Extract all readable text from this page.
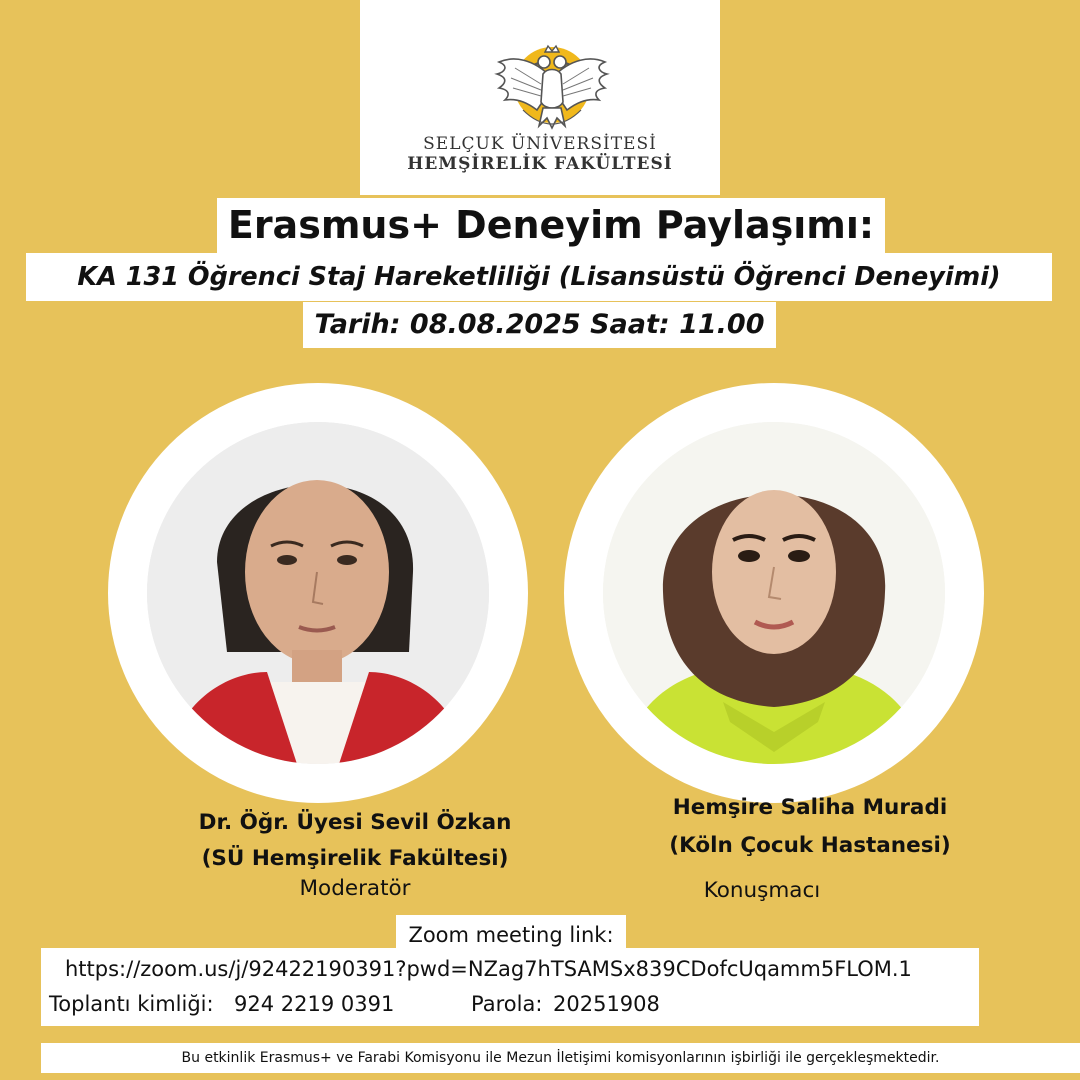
SELÇUK ÜNİVERSİTESİ
HEMŞİRELİK FAKÜLTESİ
Erasmus+ Deneyim Paylaşımı:
KA 131 Öğrenci Staj Hareketliliği (Lisansüstü Öğrenci Deneyimi)
Tarih: 08.08.2025 Saat: 11.00
Dr. Öğr. Üyesi Sevil Özkan
(SÜ Hemşirelik Fakültesi)
Moderatör
Hemşire Saliha Muradi
(Köln Çocuk Hastanesi)
Konuşmacı
Zoom meeting link:
https://zoom.us/j/92422190391?pwd=NZag7hTSAMSx839CDofcUqamm5FLOM.1
Toplantı kimliği: 924 2219 0391	Parola: 20251908
Bu etkinlik Erasmus+ ve Farabi Komisyonu ile Mezun İletişimi komisyonlarının işbirliği ile gerçekleşmektedir.
